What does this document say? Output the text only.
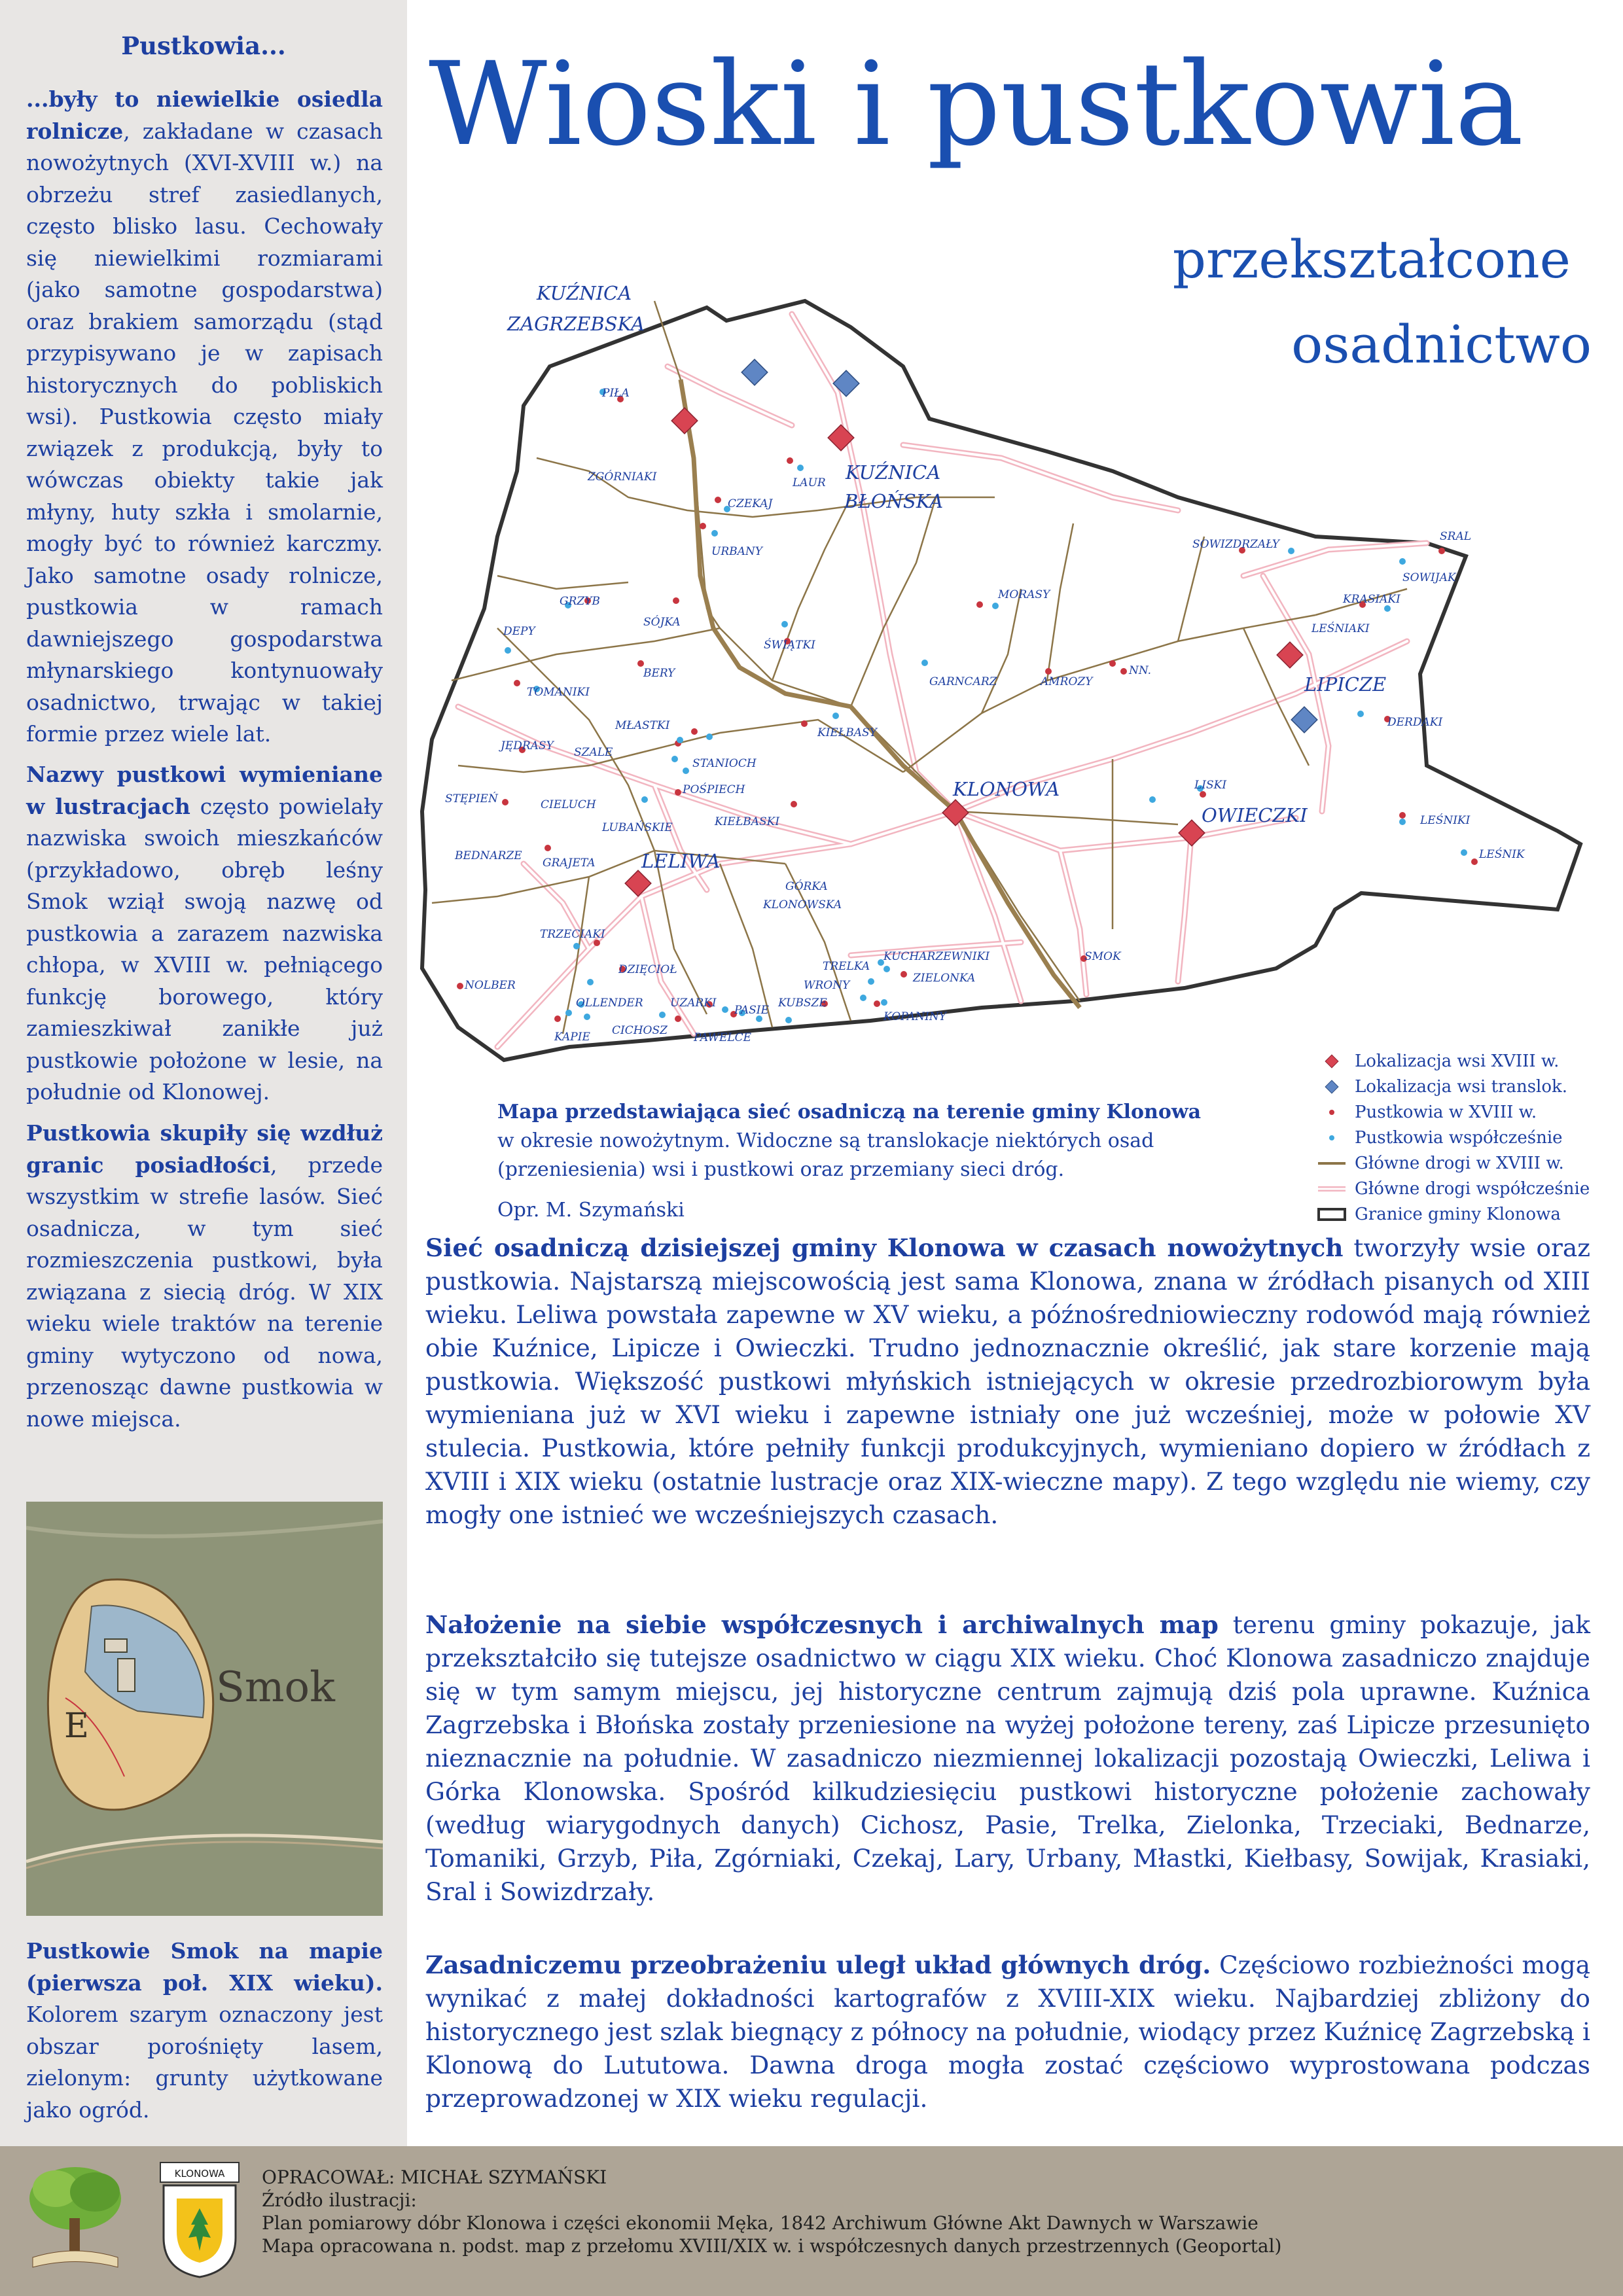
Pustkowia...
...były to niewielkie osiedla rolnicze, zakładane w czasach nowożytnych (XVI-XVIII w.) na obrzeżu stref zasiedlanych, często blisko lasu. Cechowały się niewielkimi rozmiarami (jako samotne gospodarstwa) oraz brakiem samorządu (stąd przypisywano je w zapisach historycznych do pobliskich wsi). Pustkowia często miały związek z produkcją, były to wówczas obiekty takie jak młyny, huty szkła i smolarnie, mogły być to również karczmy. Jako samotne osady rolnicze, pustkowia w ramach dawniejszego gospodarstwa młynarskiego kontynuowały osadnictwo, trwając w takiej formie przez wiele lat.
Nazwy pustkowi wymieniane w lustracjach często powielały nazwiska swoich mieszkańców (przykładowo, obręb leśny Smok wziął swoją nazwę od pustkowia a zarazem nazwiska chłopa, w XVIII w. pełniącego funkcję borowego, który zamieszkiwał zanikłe już pustkowie położone w lesie, na południe od Klonowej.
Pustkowia skupiły się wzdłuż granic posiadłości, przede wszystkim w strefie lasów. Sieć osadnicza, w tym sieć rozmieszczenia pustkowi, była związana z siecią dróg. W XIX wieku wiele traktów na terenie gminy wytyczono od nowa, przenosząc dawne pustkowia w nowe miejsca.
E
Smok
Pustkowie Smok na mapie (pierwsza poł. XIX wieku). Kolorem szarym oznaczony jest obszar porośnięty lasem, zielonym: grunty użytkowane jako ogród.
Wioski i pustkowia
przekształcone
osadnictwo
KUŹNICA
ZAGRZEBSKA
KUŹNICA
BŁOŃSKA
LIPICZE
KLONOWA
OWIECZKI
LELIWA
PIŁA
LAUR
ZGÓRNIAKI
CZEKAJ
URBANY
SOWIZDRZAŁY
SRAL
SOWIJAK
KRASIAKI
LEŚNIAKI
MORASY
GRZYB
SÓJKA
ŚWIĄTKI
DEPY
BERY
GARNCARZ	AMROZY
NN.
TOMANIKI
DERDAKI
MŁASTKI
KIEŁBASY
JĘDRASY SZALE
STANIOCH
LISKI
POŚPIECH
STĘPIEŃ	CIELUCH
LUBAŃSKIE	KIEŁBASKI	LEŚNIKI
BEDNARZE
GRAJETA
LEŚNIK
GÓRKA
KLONOWSKA
TRZECIAKI
SMOK
DZIĘCIOŁ	TRELKA
KUCHARZEWNIKI
NOLBER	WRONY
ZIELONKA
OLLENDER UZARKI
PASIE
KUBSZE
KOPANINY
KAPIE CICHOSZ
PAWELCE
Mapa przedstawiająca sieć osadniczą na terenie gminy Klonowa
w okresie nowożytnym. Widoczne są translokacje niektórych osad (przeniesienia) wsi i pustkowi oraz przemiany sieci dróg.
Opr. M. Szymański
Lokalizacja wsi XVIII w.
Lokalizacja wsi translok.
Pustkowia w XVIII w.
Pustkowia współcześnie
Główne drogi w XVIII w.
Główne drogi współcześnie
Granice gminy Klonowa
Sieć osadniczą dzisiejszej gminy Klonowa w czasach nowożytnych tworzyły wsie oraz pustkowia. Najstarszą miejscowością jest sama Klonowa, znana w źródłach pisanych od XIII wieku. Leliwa powstała zapewne w XV wieku, a późnośredniowieczny rodowód mają również obie Kuźnice, Lipicze i Owieczki. Trudno jednoznacznie określić, jak stare korzenie mają pustkowia. Większość pustkowi młyńskich istniejących w okresie przedrozbiorowym była wymieniana już w XVI wieku i zapewne istniały one już wcześniej, może w połowie XV stulecia. Pustkowia, które pełniły funkcji produkcyjnych, wymieniano dopiero w źródłach z XVIII i XIX wieku (ostatnie lustracje oraz XIX-wieczne mapy). Z tego względu nie wiemy, czy mogły one istnieć we wcześniejszych czasach.
Nałożenie na siebie współczesnych i archiwalnych map terenu gminy pokazuje, jak przekształciło się tutejsze osadnictwo w ciągu XIX wieku. Choć Klonowa zasadniczo znajduje się w tym samym miejscu, jej historyczne centrum zajmują dziś pola uprawne. Kuźnica Zagrzebska i Błońska zostały przeniesione na wyżej położone tereny, zaś Lipicze przesunięto nieznacznie na południe. W zasadniczo niezmiennej lokalizacji pozostają Owieczki, Leliwa i Górka Klonowska. Spośród kilkudziesięciu pustkowi historyczne położenie zachowały (według wiarygodnych danych) Cichosz, Pasie, Trelka, Zielonka, Trzeciaki, Bednarze, Tomaniki, Grzyb, Piła, Zgórniaki, Czekaj, Lary, Urbany, Młastki, Kiełbasy, Sowijak, Krasiaki, Sral i Sowizdrzały.
Zasadniczemu przeobrażeniu uległ układ głównych dróg. Częściowo rozbieżności mogą wynikać z małej dokładności kartografów z XVIII-XIX wieku. Najbardziej zbliżony do historycznego jest szlak biegnący z północy na południe, wiodący przez Kuźnicę Zagrzebską i Klonową do Lututowa. Dawna droga mogła zostać częściowo wyprostowana podczas przeprowadzonej w XIX wieku regulacji.
KLONOWA OPRACOWAŁ: MICHAŁ SZYMAŃSKI
Źródło ilustracji:
Plan pomiarowy dóbr Klonowa i części ekonomii Męka, 1842 Archiwum Główne Akt Dawnych w Warszawie
Mapa opracowana n. podst. map z przełomu XVIII/XIX w. i współczesnych danych przestrzennych (Geoportal)
